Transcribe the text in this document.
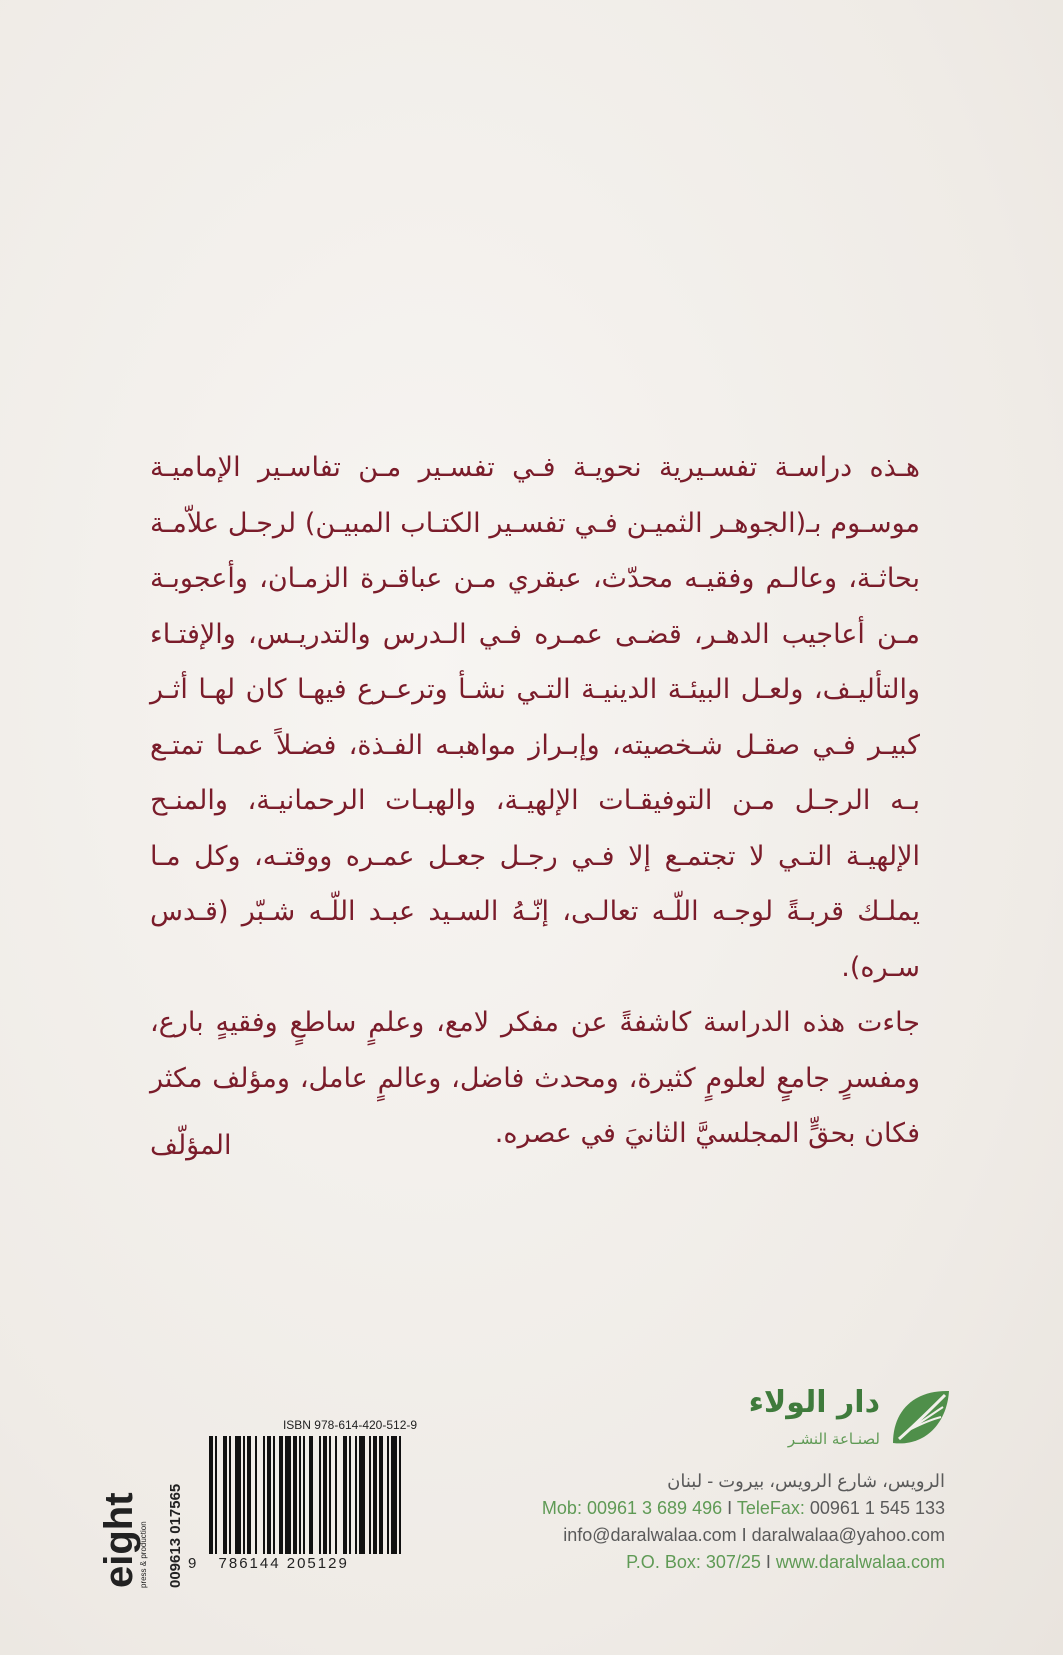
هـذه دراسـة تفسـيرية نحويـة فـي تفسـير مـن تفاسـير الإماميـة موسـوم بـ(الجوهـر الثميـن فـي تفسـير الكتـاب المبيـن) لرجـل علاّمـة بحاثـة، وعالـم وفقيـه محدّث، عبقري مـن عباقـرة الزمـان، وأعجوبـة مـن أعاجيب الدهـر، قضـى عمـره فـي الـدرس والتدريـس، والإفتـاء والتأليـف، ولعـل البيئـة الدينيـة التـي نشـأ وترعـرع فيهـا كان لهـا أثـر كبيـر فـي صقـل شـخصيته، وإبـراز مواهبـه الفـذة، فضـلاً عمـا تمتـع بـه الرجـل مـن التوفيقـات الإلهيـة، والهبـات الرحمانيـة، والمنـح الإلهيـة التـي لا تجتمـع إلا فـي رجـل جعـل عمـره ووقتـه، وكل مـا يملـك قربـةً لوجـه اللّـه تعالـى، إنّـهُ السـيد عبـد اللّـه شـبّر (قـدس سـره).

جاءت هذه الدراسة كاشفةً عن مفكر لامع، وعلمٍ ساطعٍ وفقيهٍ بارع، ومفسرٍ جامعٍ لعلومٍ كثيرة، ومحدث فاضل، وعالمٍ عامل، ومؤلف مكثر فكان بحقٍّ المجلسيَّ الثانيَ في عصره.

المؤلّف
دار الولاء
لصنـاعة النشـر
الرويس، شارع الرويس، بيروت - لبنان
Mob: 00961 3 689 496 I TeleFax: 00961 1 545 133
info@daralwalaa.com I daralwalaa@yahoo.com
P.O. Box: 307/25 I www.daralwalaa.com
ISBN 978-614-420-512-9
9 786144 205129
eight
press & production 009613 017565
